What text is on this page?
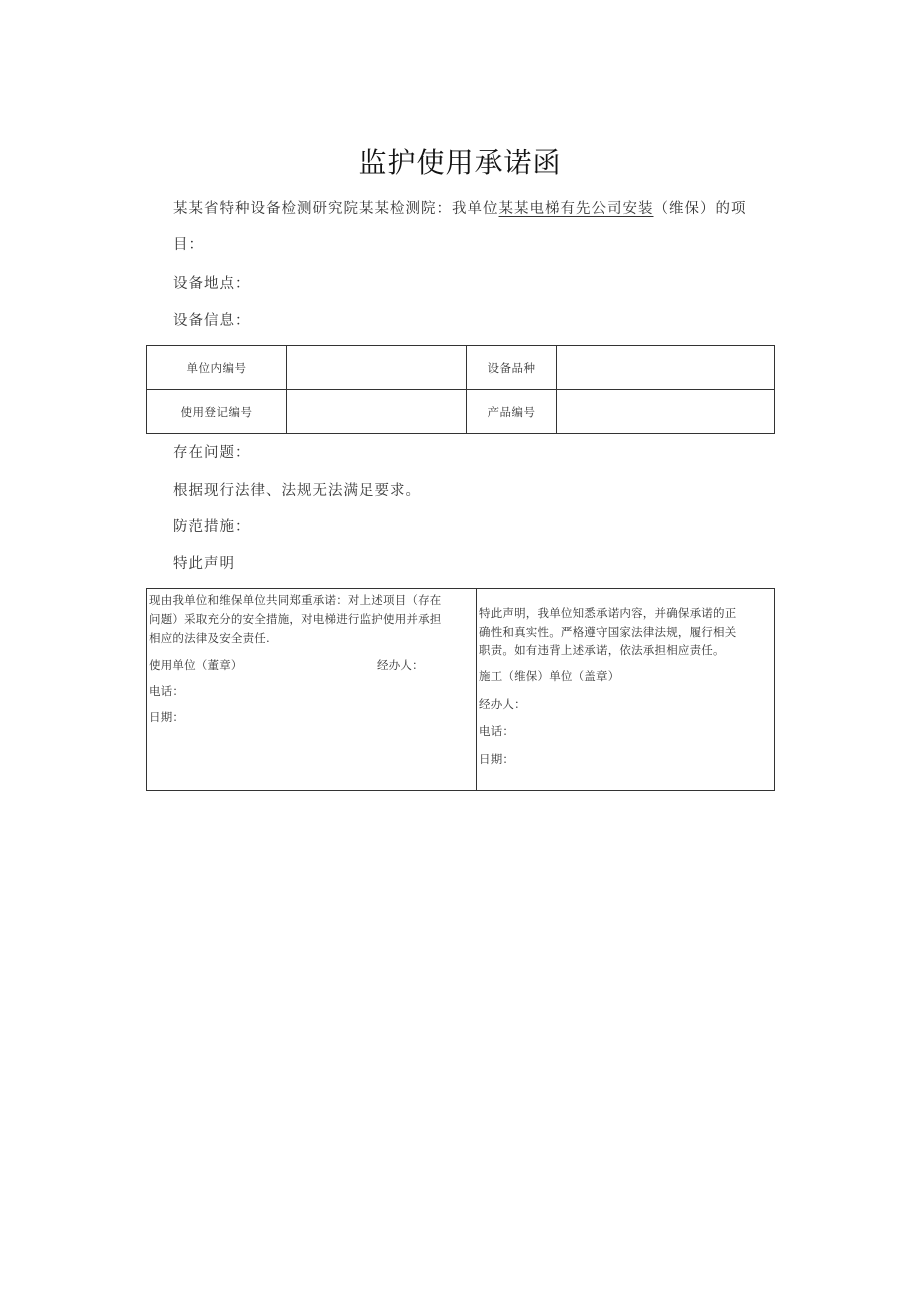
监护使用承诺函
某某省特种设备检测研究院某某检测院：我单位某某电梯有先公司安装（维保）的项
目：
设备地点：
设备信息：
单位内编号		设备品种	
使用登记编号		产品编号	
存在问题：
根据现行法律、法规无法满足要求。
防范措施：
特此声明
现由我单位和维保单位共同郑重承诺：对上述项目（存在
问题）采取充分的安全措施，对电梯进行监护使用并承担
相应的法律及安全责任.
使用单位（董章）	经办人：
电话：
日期：

特此声明，我单位知悉承诺内容，并确保承诺的正
确性和真实性。严格遵守国家法律法规，履行相关
职责。如有违背上述承诺，依法承担相应责任。
施工（维保）单位（盖章）
经办人：
电话：
日期：
